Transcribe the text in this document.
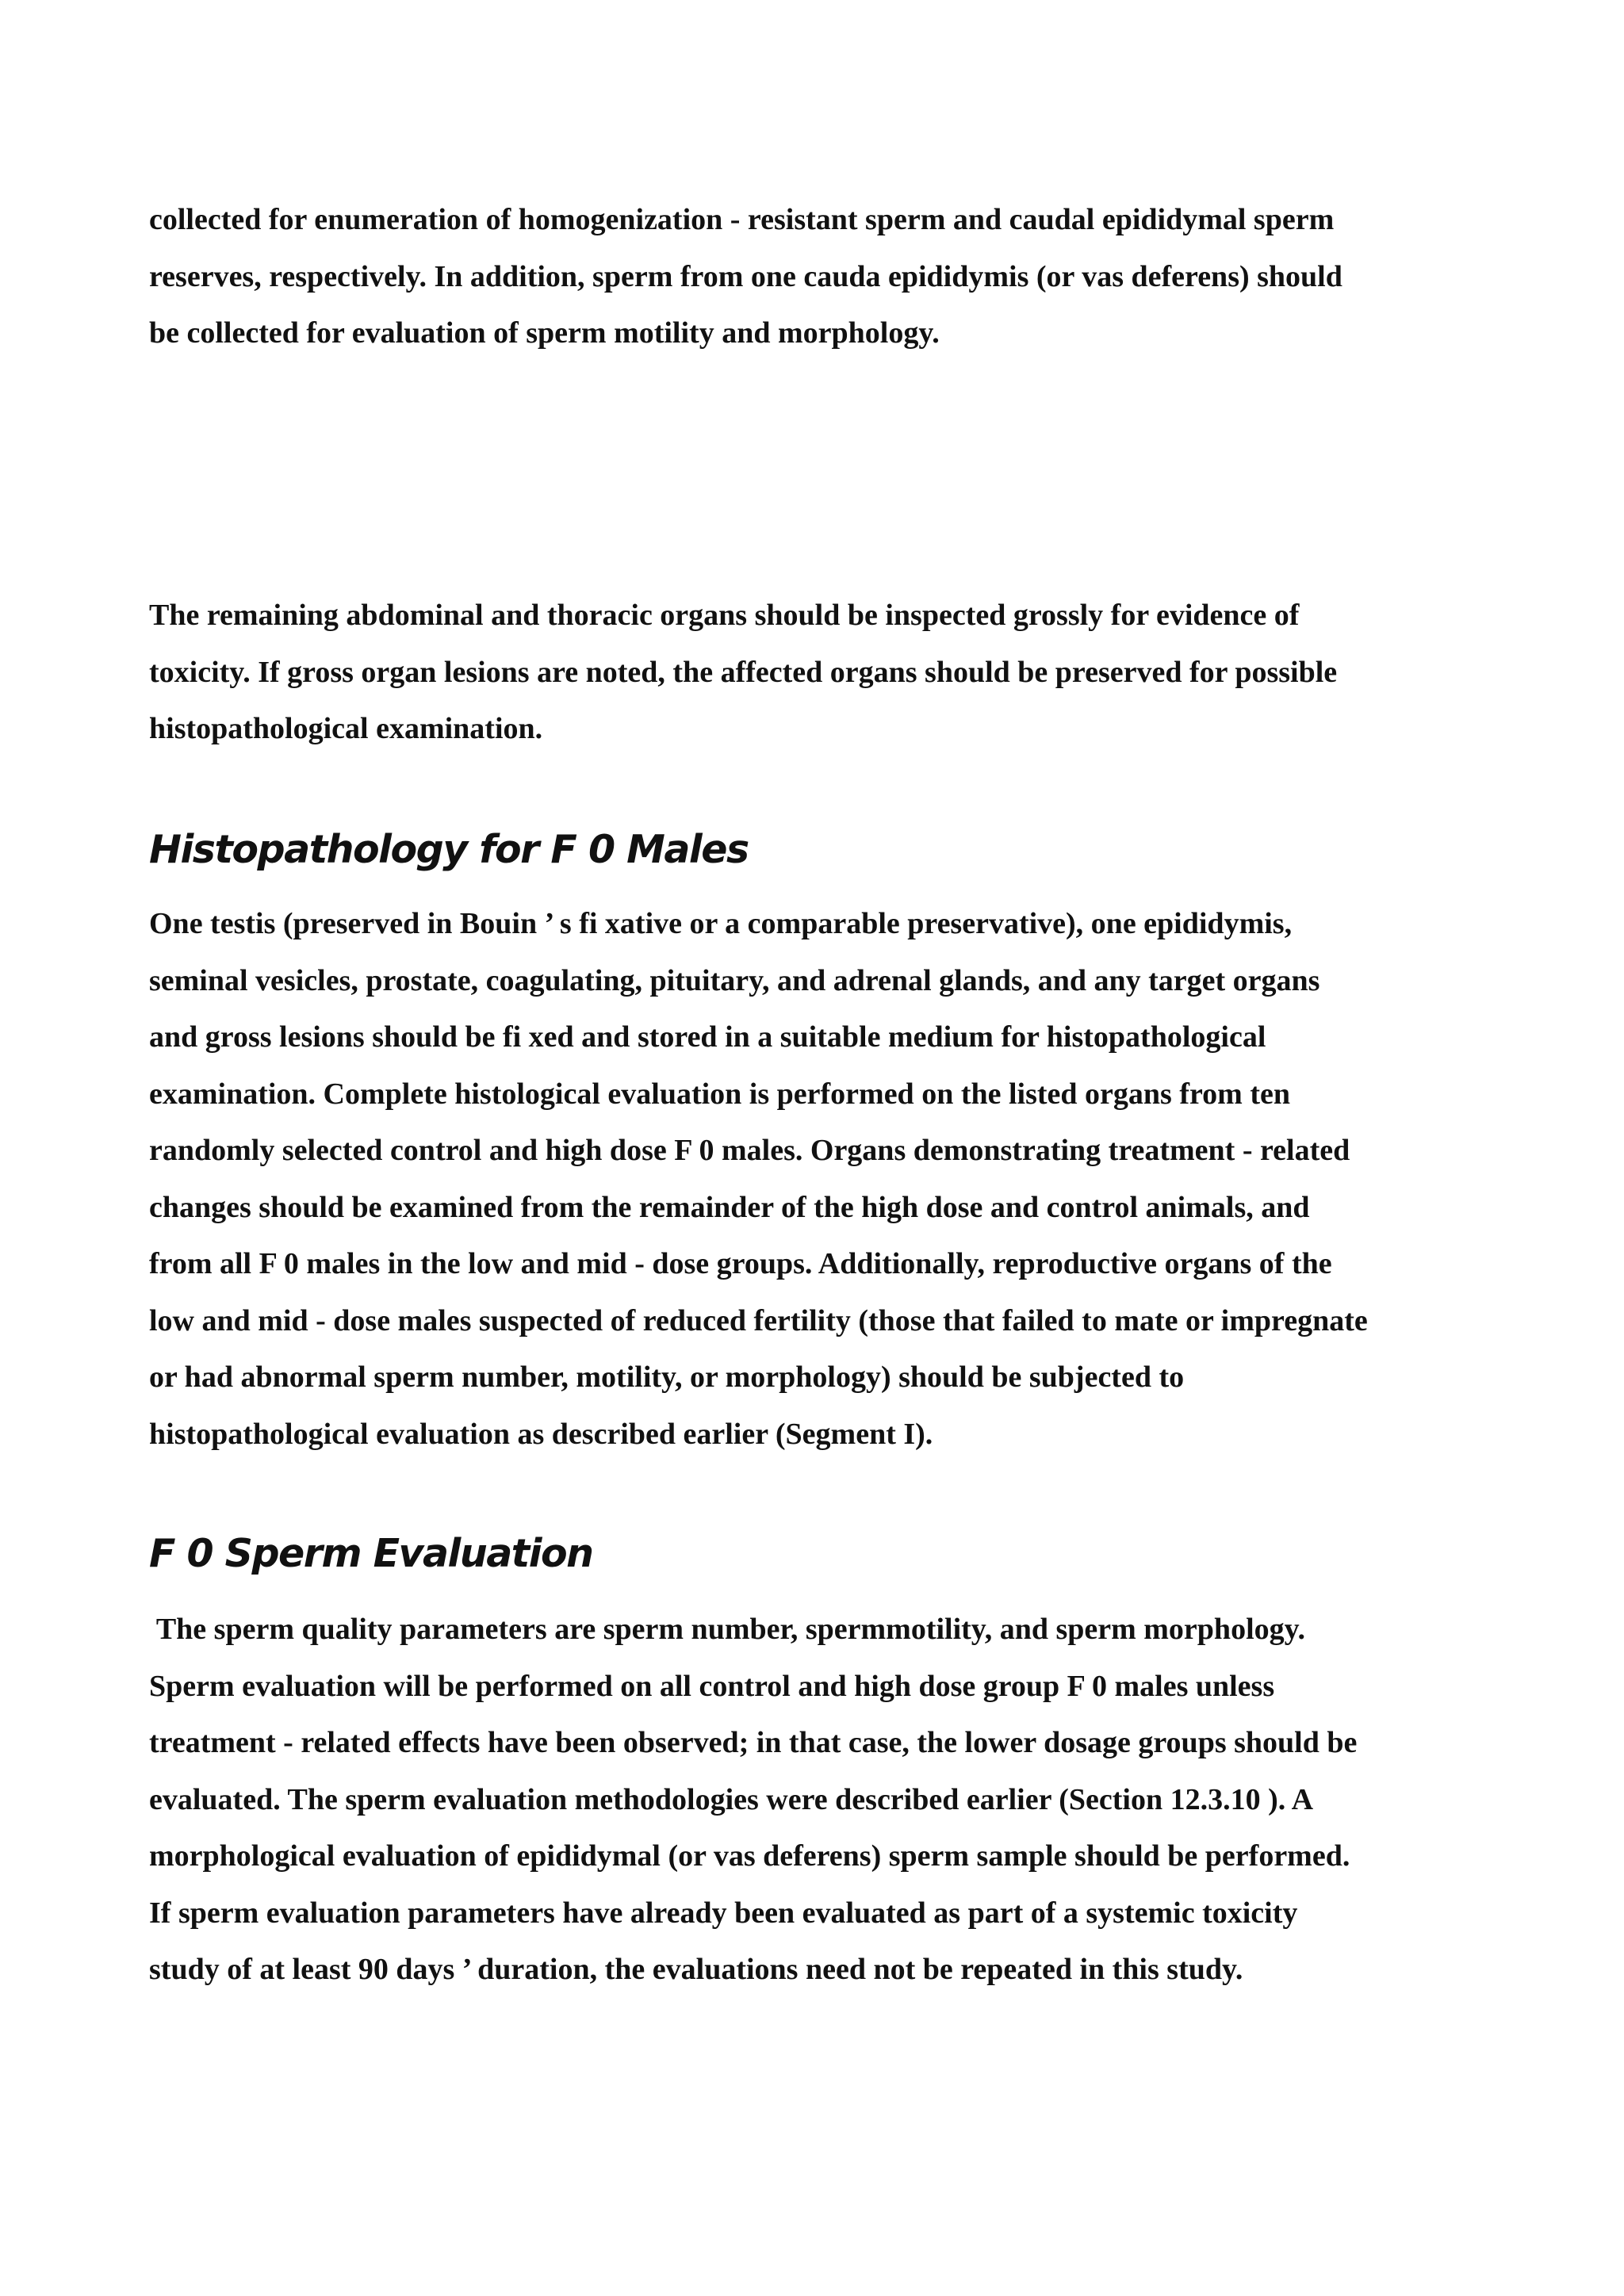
collected for enumeration of homogenization - resistant sperm and caudal epididymal sperm
reserves, respectively. In addition, sperm from one cauda epididymis (or vas deferens) should
be collected for evaluation of sperm motility and morphology.

The remaining abdominal and thoracic organs should be inspected grossly for evidence of
toxicity. If gross organ lesions are noted, the affected organs should be preserved for possible
histopathological examination.

Histopathology for F 0 Males

One testis (preserved in Bouin ’ s fi xative or a comparable preservative), one epididymis,
seminal vesicles, prostate, coagulating, pituitary, and adrenal glands, and any target organs
and gross lesions should be fi xed and stored in a suitable medium for histopathological
examination. Complete histological evaluation is performed on the listed organs from ten
randomly selected control and high dose F 0 males. Organs demonstrating treatment - related
changes should be examined from the remainder of the high dose and control animals, and
from all F 0 males in the low and mid - dose groups. Additionally, reproductive organs of the
low and mid - dose males suspected of reduced fertility (those that failed to mate or impregnate
or had abnormal sperm number, motility, or morphology) should be subjected to
histopathological evaluation as described earlier (Segment I).

F 0 Sperm Evaluation

The sperm quality parameters are sperm number, spermmotility, and sperm morphology.
Sperm evaluation will be performed on all control and high dose group F 0 males unless
treatment - related effects have been observed; in that case, the lower dosage groups should be
evaluated. The sperm evaluation methodologies were described earlier (Section 12.3.10 ). A
morphological evaluation of epididymal (or vas deferens) sperm sample should be performed.
If sperm evaluation parameters have already been evaluated as part of a systemic toxicity
study of at least 90 days ’ duration, the evaluations need not be repeated in this study.
